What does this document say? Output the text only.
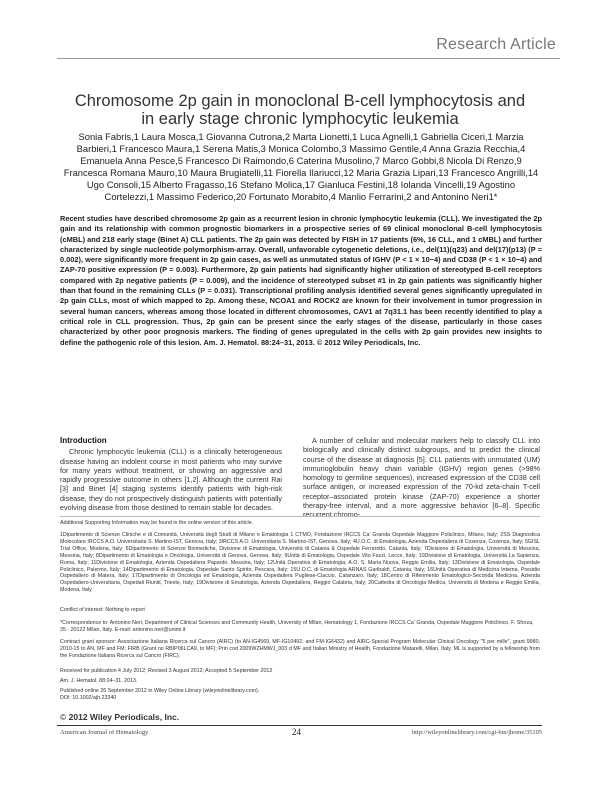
Research Article
Chromosome 2p gain in monoclonal B-cell lymphocytosis and in early stage chronic lymphocytic leukemia
Sonia Fabris,1 Laura Mosca,1 Giovanna Cutrona,2 Marta Lionetti,1 Luca Agnelli,1 Gabriella Ciceri,1 Marzia Barbieri,1 Francesco Maura,1 Serena Matis,3 Monica Colombo,3 Massimo Gentile,4 Anna Grazia Recchia,4 Emanuela Anna Pesce,5 Francesco Di Raimondo,6 Caterina Musolino,7 Marco Gobbi,8 Nicola Di Renzo,9 Francesca Romana Mauro,10 Maura Brugiatelli,11 Fiorella Ilariucci,12 Maria Grazia Lipari,13 Francesco Angrilli,14 Ugo Consoli,15 Alberto Fragasso,16 Stefano Molica,17 Gianluca Festini,18 Iolanda Vincelli,19 Agostino Cortelezzi,1 Massimo Federico,20 Fortunato Morabito,4 Manlio Ferrarini,2 and Antonino Neri1*
Recent studies have described chromosome 2p gain as a recurrent lesion in chronic lymphocytic leukemia (CLL). We investigated the 2p gain and its relationship with common prognostic biomarkers in a prospective series of 69 clinical monoclonal B-cell lymphocytosis (cMBL) and 218 early stage (Binet A) CLL patients. The 2p gain was detected by FISH in 17 patients (6%, 16 CLL, and 1 cMBL) and further characterized by single nucleotide polymorphism-array. Overall, unfavorable cytogenetic deletions, i.e., del(11)(q23) and del(17)(p13) (P = 0.002), were significantly more frequent in 2p gain cases, as well as unmutated status of IGHV (P < 1 × 10−4) and CD38 (P < 1 × 10−4) and ZAP-70 positive expression (P = 0.003). Furthermore, 2p gain patients had significantly higher utilization of stereotyped B-cell receptors compared with 2p negative patients (P = 0.009), and the incidence of stereotyped subset #1 in 2p gain patients was significantly higher than that found in the remaining CLLs (P = 0.031). Transcriptional profiling analysis identified several genes significantly upregulated in 2p gain CLLs, most of which mapped to 2p. Among these, NCOA1 and ROCK2 are known for their involvement in tumor progression in several human cancers, whereas among those located in different chromosomes, CAV1 at 7q31.1 has been recently identified to play a critical role in CLL progression. Thus, 2p gain can be present since the early stages of the disease, particularly in those cases characterized by other poor prognosis markers. The finding of genes upregulated in the cells with 2p gain provides new insights to define the pathogenic role of this lesion. Am. J. Hematol. 88:24–31, 2013. © 2012 Wiley Periodicals, Inc.
Introduction

Chronic lymphocytic leukemia (CLL) is a clinically heterogeneous disease having an indolent course in most patients who may survive for many years without treatment, or showing an aggressive and rapidly progressive outcome in others [1,2]. Although the current Rai [3] and Binet [4] staging systems identify patients with high-risk disease, they do not prospectively distinguish patients with potentially evolving disease from those destined to remain stable for decades.

A number of cellular and molecular markers help to classify CLL into biologically and clinically distinct subgroups, and to predict the clinical course of the disease at diagnosis [5]. CLL patients with unmutated (UM) immunoglobulin heavy chain variable (IGHV) region genes (>98% homology to germline sequences), increased expression of the CD38 cell surface antigen, or increased expression of the 70-kd zeta-chain T-cell receptor–associated protein kinase (ZAP-70) experience a shorter therapy-free interval, and a more aggressive behavior [6–8]. Specific recurrent chromo-

Additional Supporting Information may be found in the online version of this article.
1Dipartimento di Scienze Cliniche e di Comunità, Università degli Studi di Milano e Ematologia 1 CTMO, Fondazione IRCCS Ca' Granda Ospedale Maggiore Policlinico, Milano, Italy; 2SS Diagnostica Molecolare IRCCS A.O. Universitaria S. Martino-IST, Genova, Italy; 3IRCCS A.O. Universitaria S. Martino-IST, Genova, Italy; 4U.O.C. di Ematologia, Azienda Ospedaliera di Cosenza, Cosenza, Italy; 5GISL Trial Office, Modena, Italy; 6Dipartimento di Scienze Biomediche, Divisione di Ematologia, Università di Catania & Ospedale Ferrarotto, Catania, Italy; 7Divisione di Ematologia, Università di Messina, Messina, Italy; 8Dipartimento di Ematologia e Oncologia, Università di Genova, Genova, Italy; 9Unità di Ematologia, Ospedale Vito Fazzi, Lecce, Italy; 10Divisione di Ematologia, Università La Sapienza, Roma, Italy; 11Divisione di Ematologia, Azienda Ospedaliera Papardo, Messina, Italy; 12Unità Operativa di Ematologia, A.O. S. Maria Nuova, Reggio Emilia, Italy; 13Divisione di Ematologia, Ospedale Policlinico, Palermo, Italy; 14Dipartimento di Ematologia, Ospedale Santo Spirito, Pescara, Italy; 15U.O.C. di Ematologia ARNAS Garibaldi, Catania, Italy; 16Unità Operativa di Medicina Interna, Presidio Ospedaliero di Matera, Italy; 17Dipartimento di Oncologia ed Ematologia, Azienda Ospedaliera Pugliese-Ciaccio, Catanzaro, Italy; 18Centro di Riferimento Ematologico-Seconda Medicina, Azienda Ospedaliero-Universitaria, Ospedali Riuniti, Trieste, Italy; 19Divisione di Ematologia, Azienda Ospedaliera, Reggio Calabria, Italy; 20Cattedra di Oncologia Medica, Università di Modena e Reggio Emilia, Modena, Italy
Conflict of interest: Nothing to report
*Correspondence to: Antonino Neri, Department of Clinical Sciences and Community Health, University of Milan, Hematology 1, Fondazione IRCCS Ca' Granda, Ospedale Maggiore Policlinico, F. Sforza, 35 - 20122 Milan, Italy. E-mail: antonino.neri@unimi.it
Contract grant sponsor: Associazione Italiana Ricerca sul Cancro (AIRC) (to AN-IG4569, MF-IG10492, and FM-IG6432) and AIRC-Special Program Molecular Clinical Oncology "5 per mille", grant 9980, 2010-15 to AN, MF and FM; FIRB (Grant no RBIP06LCA9, to MF); Prin cod 2009WZHMWJ_003 d MF and Italian Ministry of Health, Fondazione Matarelli, Milan, Italy. ML is supported by a fellowship from the Fondazione Italiana Ricerca sul Cancro (FIRC).
Received for publication 4 July 2012; Revised 3 August 2012; Accepted 5 September 2012
Am. J. Hematol. 88:24–31, 2013.
Published online 26 September 2012 in Wiley Online Library (wileyonlinelibrary.com).
DOI: 10.1002/ajh.23340
© 2012 Wiley Periodicals, Inc.
American Journal of Hematology	24	http://wileyonlinelibrary.com/cgi-bin/jhome/35105
